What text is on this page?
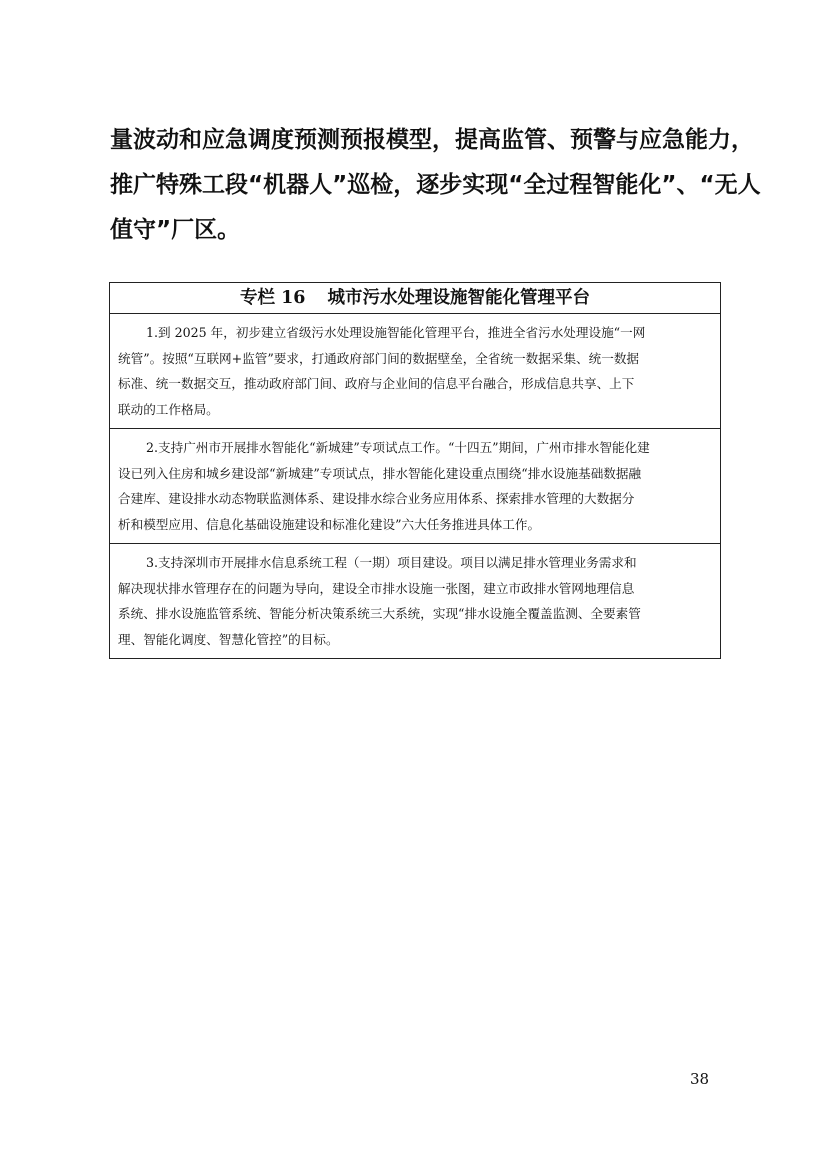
量波动和应急调度预测预报模型，提高监管、预警与应急能力，
推广特殊工段“机器人”巡检，逐步实现“全过程智能化”、“无人
值守”厂区。

专栏 16 城市污水处理设施智能化管理平台
1.到 2025 年，初步建立省级污水处理设施智能化管理平台，推进全省污水处理设施“一网
统管”。按照“互联网+监管”要求，打通政府部门间的数据壁垒，全省统一数据采集、统一数据
标准、统一数据交互，推动政府部门间、政府与企业间的信息平台融合，形成信息共享、上下
联动的工作格局。
2.支持广州市开展排水智能化“新城建”专项试点工作。“十四五”期间，广州市排水智能化建
设已列入住房和城乡建设部“新城建”专项试点，排水智能化建设重点围绕“排水设施基础数据融
合建库、建设排水动态物联监测体系、建设排水综合业务应用体系、探索排水管理的大数据分
析和模型应用、信息化基础设施建设和标准化建设”六大任务推进具体工作。
3.支持深圳市开展排水信息系统工程（一期）项目建设。项目以满足排水管理业务需求和
解决现状排水管理存在的问题为导向，建设全市排水设施一张图，建立市政排水管网地理信息
系统、排水设施监管系统、智能分析决策系统三大系统，实现“排水设施全覆盖监测、全要素管
理、智能化调度、智慧化管控”的目标。
38
